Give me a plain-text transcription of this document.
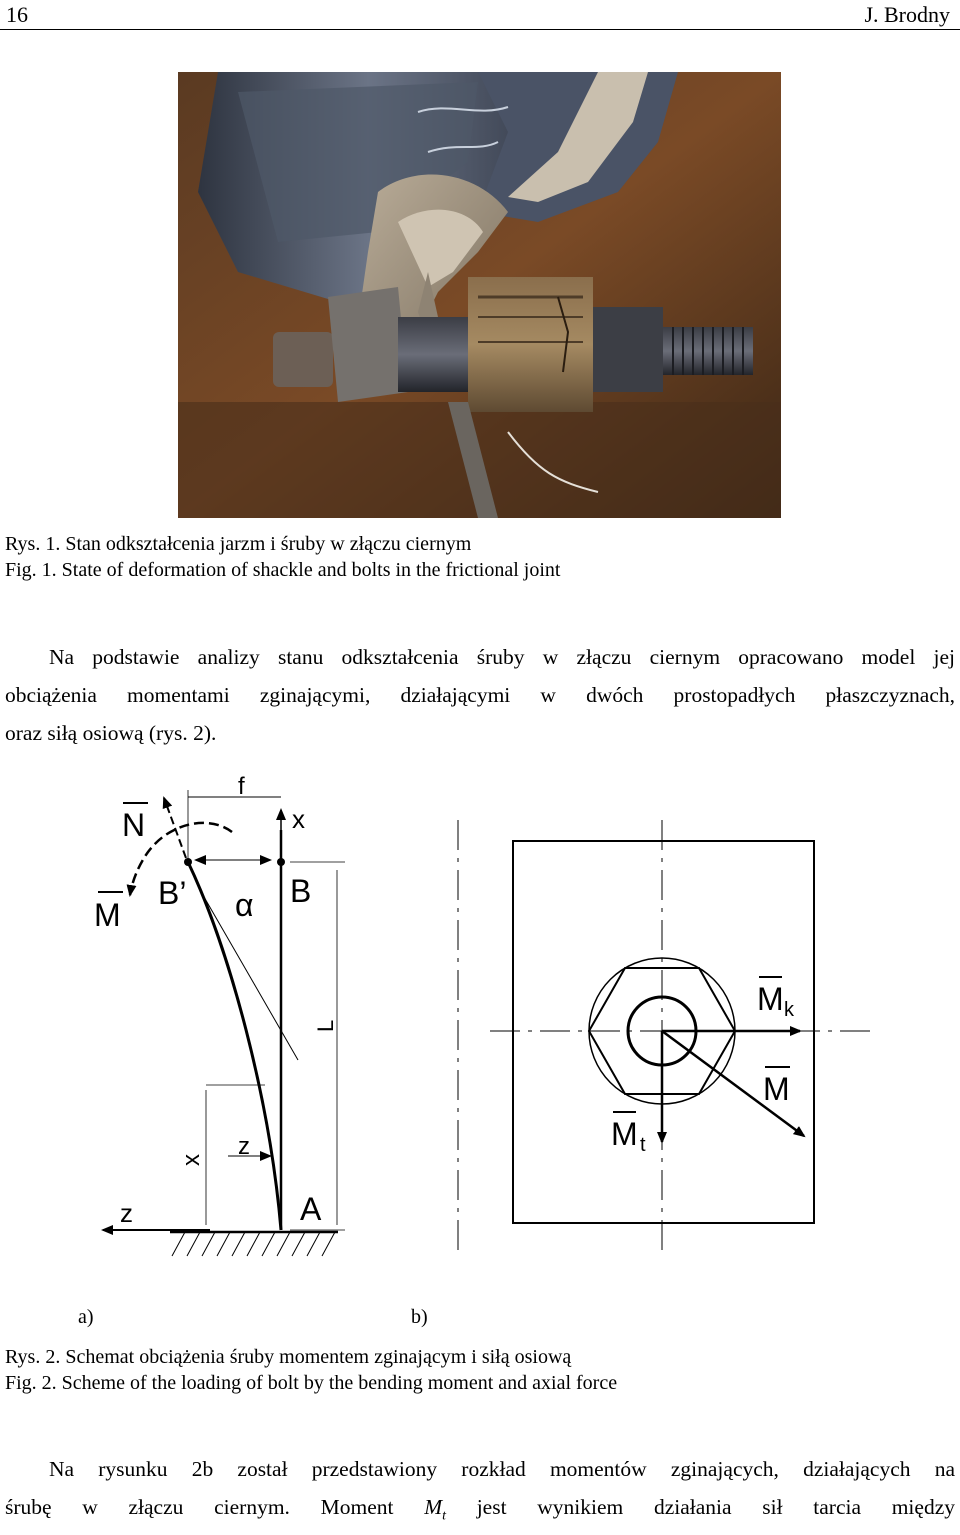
16	J. Brodny
Rys. 1. Stan odkształcenia jarzm i śruby w złączu ciernym
Fig. 1. State of deformation of shackle and bolts in the frictional joint
Na podstawie analizy stanu odkształcenia śruby w złączu ciernym opracowano model jej
obciążenia momentami zginającymi, działającymi w dwóch prostopadłych płaszczyznach,
oraz siłą osiową (rys. 2).
N
f
x
M
B’ α B
L
x z
z	A
M k
M
M t
a)	b)
Rys. 2. Schemat obciążenia śruby momentem zginającym i siłą osiową
Fig. 2. Scheme of the loading of bolt by the bending moment and axial force
Na rysunku 2b został przedstawiony rozkład momentów zginających, działających na
śrubę w złączu ciernym. Moment $M_t$ jest wynikiem działania sił tarcia między
